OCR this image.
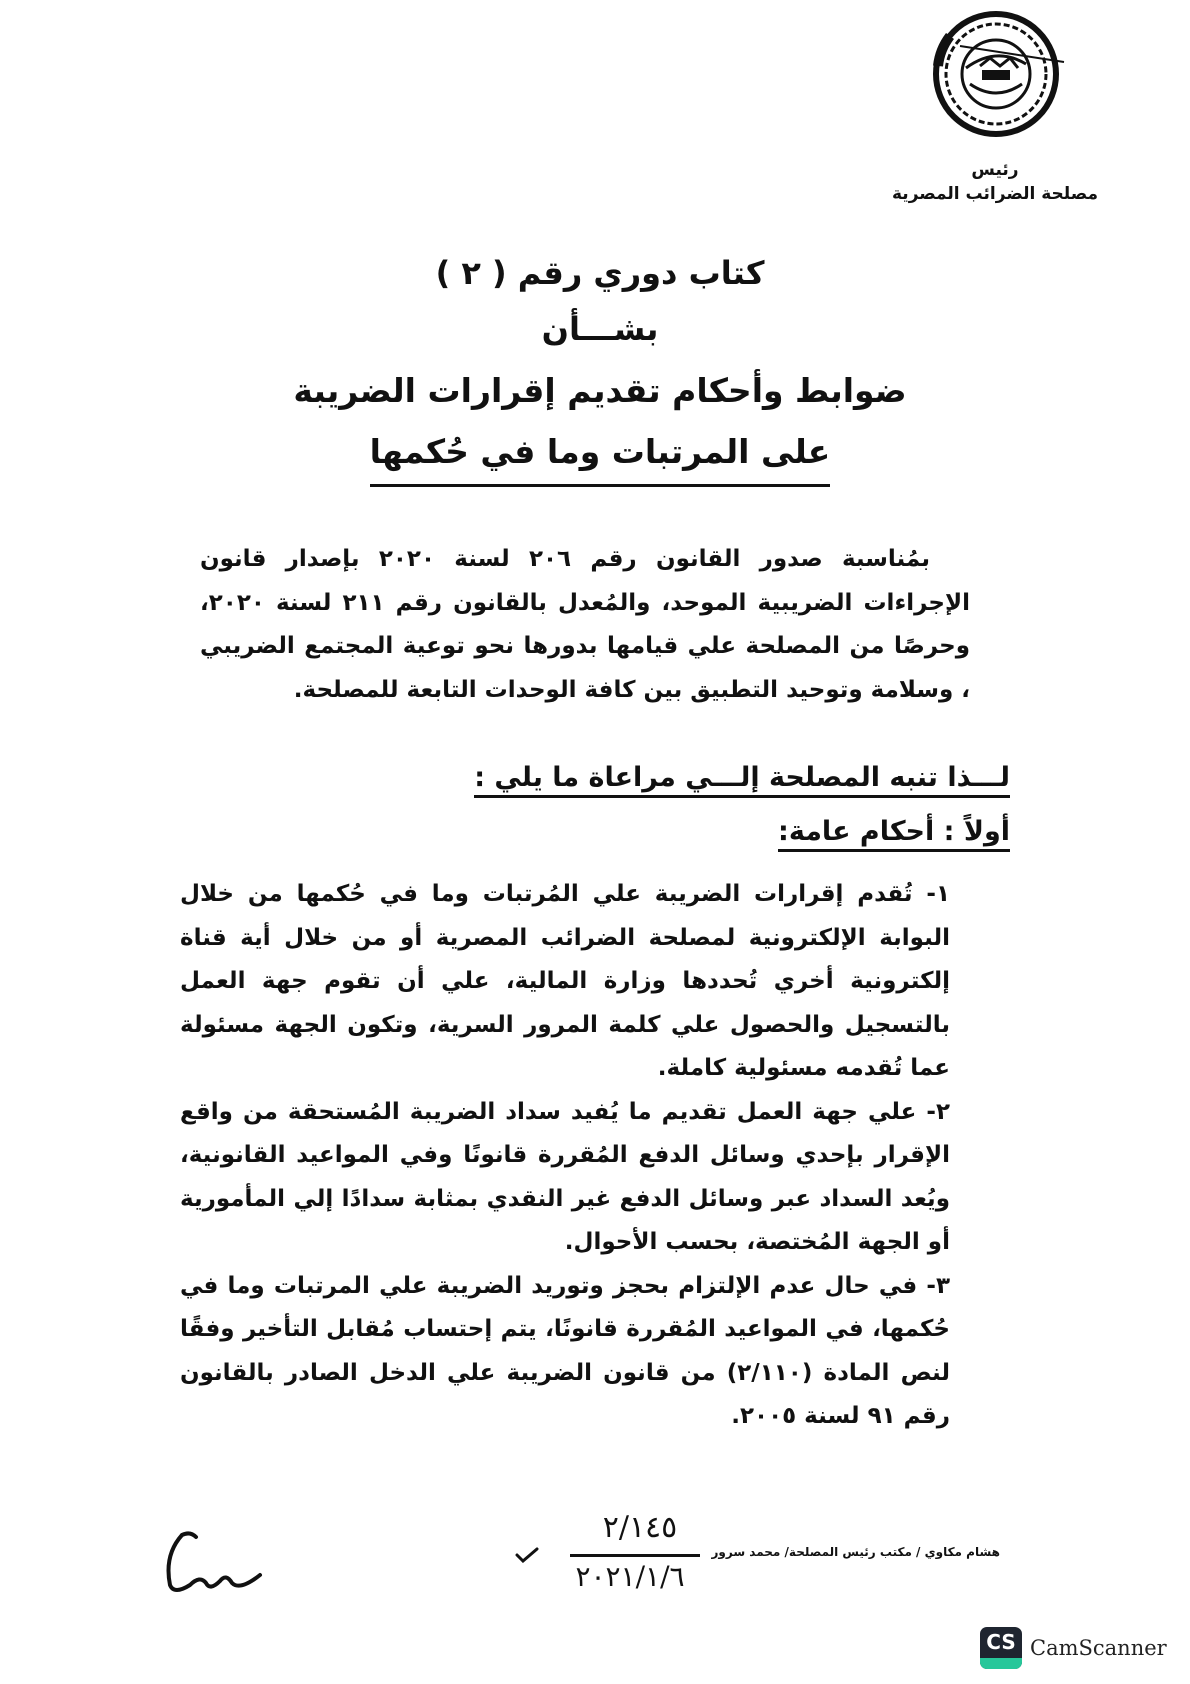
رئيس
مصلحة الضرائب المصرية

كتاب دوري رقم ( ٢ )

بشـــأن

ضوابط وأحكام تقديم إقرارات الضريبة

على المرتبات وما في حُكمها

بمُناسبة صدور القانون رقم ٢٠٦ لسنة ٢٠٢٠ بإصدار قانون الإجراءات الضريبية الموحد، والمُعدل بالقانون رقم ٢١١ لسنة ٢٠٢٠، وحرصًا من المصلحة علي قيامها بدورها نحو توعية المجتمع الضريبي ، وسلامة وتوحيد التطبيق بين كافة الوحدات التابعة للمصلحة.

لـــذا تنبه المصلحة إلـــي مراعاة ما يلي :
أولاً : أحكام عامة:

١- تُقدم إقرارات الضريبة علي المُرتبات وما في حُكمها من خلال البوابة الإلكترونية لمصلحة الضرائب المصرية أو من خلال أية قناة إلكترونية أخري تُحددها وزارة المالية، علي أن تقوم جهة العمل بالتسجيل والحصول علي كلمة المرور السرية، وتكون الجهة مسئولة عما تُقدمه مسئولية كاملة.

٢- علي جهة العمل تقديم ما يُفيد سداد الضريبة المُستحقة من واقع الإقرار بإحدي وسائل الدفع المُقررة قانونًا وفي المواعيد القانونية، ويُعد السداد عبر وسائل الدفع غير النقدي بمثابة سدادًا إلي المأمورية أو الجهة المُختصة، بحسب الأحوال.

٣- في حال عدم الإلتزام بحجز وتوريد الضريبة علي المرتبات وما في حُكمها، في المواعيد المُقررة قانونًا، يتم إحتساب مُقابل التأخير وفقًا لنص المادة (٢/١١٠) من قانون الضريبة علي الدخل الصادر بالقانون رقم ٩١ لسنة ٢٠٠٥.

٢/١٤٥
٢٠٢١/١/٦
هشام مكاوي / مكتب رئيس المصلحة/ محمد سرور
CS CamScanner
